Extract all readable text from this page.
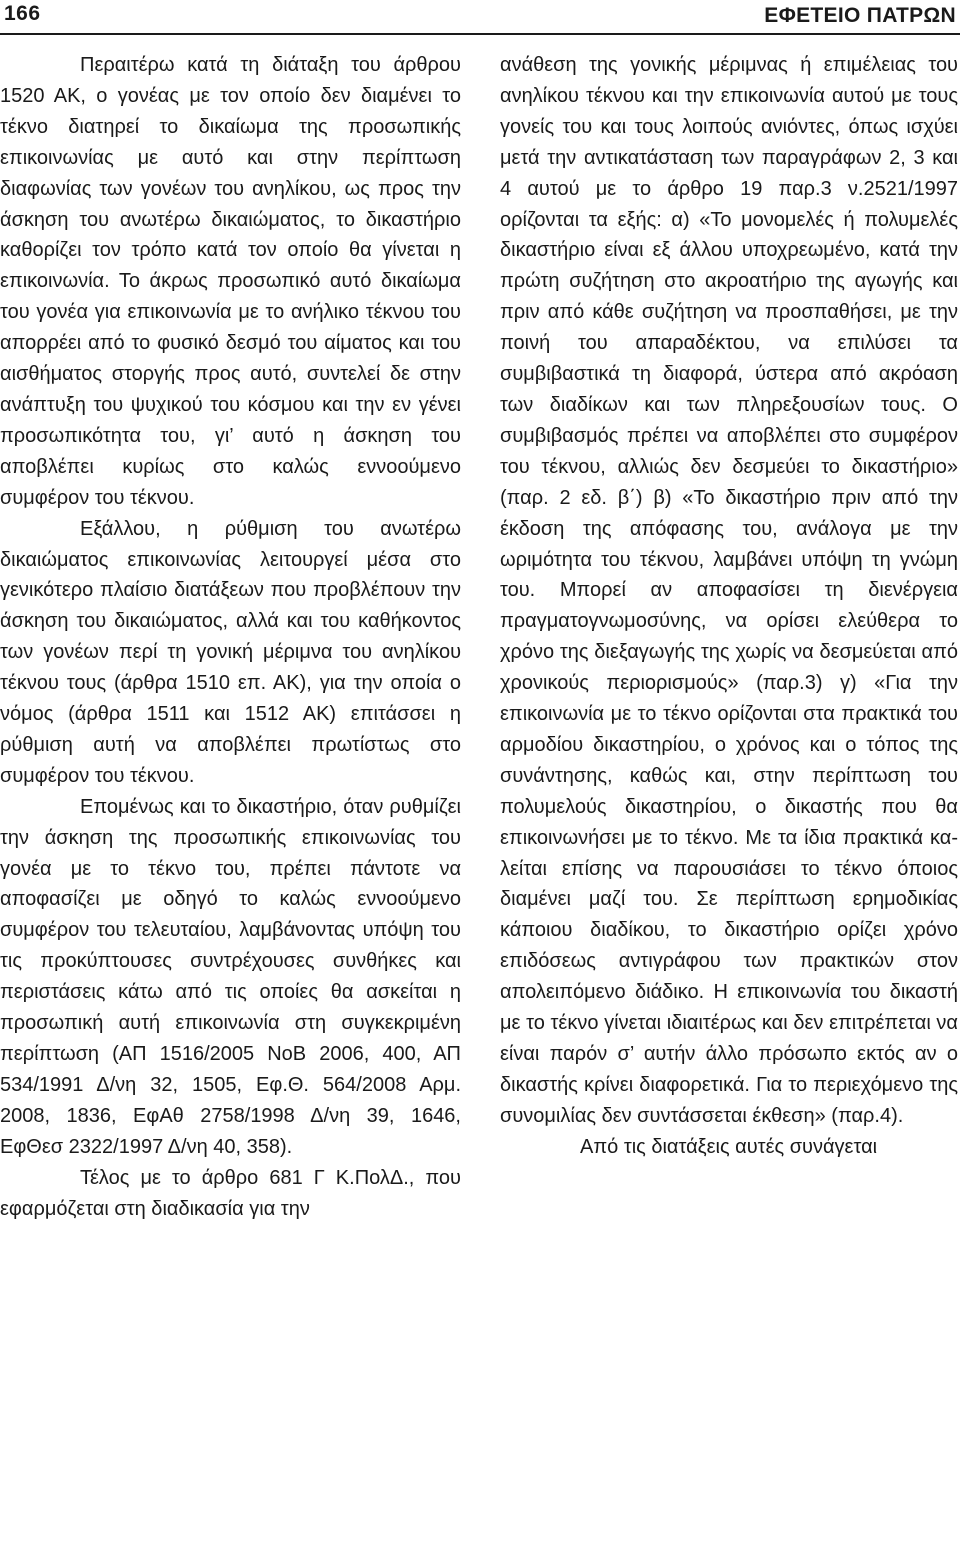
166	ΕΦΕΤΕΙΟ ΠΑΤΡΩΝ

Περαιτέρω κατά τη διάταξη του άρθρου 1520 ΑΚ, ο γονέας με τον οποίο δεν διαμένει το τέκνο διατηρεί το δικαίωμα της προσωπικής επικοινωνίας με αυτό και στην περίπτωση διαφωνίας των γονέων του ανηλίκου, ως προς την άσκηση του ανωτέρω δικαιώματος, το δικαστήριο καθορίζει τον τρόπο κατά τον οποίο θα γίνεται η επικοινωνία. Το άκρως προσωπικό αυτό δικαίωμα του γονέα για επικοινωνία με το ανήλικο τέκνου του απορρέει από το φυσικό δεσμό του αίματος και του αισθήματος στοργής προς αυτό, συντελεί δε στην ανάπτυξη του ψυχικού του κόσμου και την εν γένει προσωπικότητα του, γι’ αυτό η άσκηση του αποβλέπει κυρίως στο καλώς εννοούμενο συμφέρον του τέκνου.

Εξάλλου, η ρύθμιση του ανωτέρω δικαιώματος επικοινωνίας λειτουργεί μέσα στο γενικότερο πλαίσιο διατάξεων που προβλέπουν την άσκηση του δικαιώματος, αλλά και του καθήκοντος των γονέων περί τη γονική μέριμνα του ανηλίκου τέκνου τους (άρθρα 1510 επ. ΑΚ), για την οποία ο νόμος (άρθρα 1511 και 1512 ΑΚ) επιτάσσει η ρύθμιση αυτή να αποβλέπει πρωτίστως στο συμφέρον του τέκνου.

Επομένως και το δικαστήριο, όταν ρυθμίζει την άσκηση της προσωπικής επικοινωνίας του γονέα με το τέκνο του, πρέπει πάντοτε να αποφασίζει με οδηγό το καλώς εννοούμενο συμφέρον του τελευταίου, λαμβάνοντας υπόψη του τις προκύπτουσες συντρέχουσες συνθήκες και περιστάσεις κάτω από τις οποίες θα ασκείται η προσωπική αυτή επικοινωνία στη συγκεκριμένη περίπτωση (ΑΠ 1516/2005 ΝοΒ 2006, 400, ΑΠ 534/1991 Δ/νη 32, 1505, Εφ.Θ. 564/2008 Αρμ. 2008, 1836, ΕφΑθ 2758/1998 Δ/νη 39, 1646, ΕφΘεσ 2322/1997 Δ/νη 40, 358).

Τέλος με το άρθρο 681 Γ Κ.ΠολΔ., που εφαρμόζεται στη διαδικασία για την

ανάθεση της γονικής μέριμνας ή επιμέλειας του ανηλίκου τέκνου και την επικοινωνία αυτού με τους γονείς του και τους λοιπούς ανιόντες, όπως ισχύει μετά την αντικατάσταση των παραγράφων 2, 3 και 4 αυτού με το άρθρο 19 παρ.3 ν.2521/1997 ορίζονται τα εξής: α) «Το μονομελές ή πολυμελές δικαστήριο είναι εξ άλλου υποχρεωμένο, κατά την πρώτη συζήτηση στο ακροατήριο της αγωγής και πριν από κάθε συζήτηση να προσπαθήσει, με την ποινή του απαραδέκτου, να επιλύσει τα συμβιβαστικά τη διαφορά, ύστερα από ακρόαση των διαδίκων και των πληρεξουσίων τους. Ο συμβιβασμός πρέπει να αποβλέπει στο συμφέρον του τέκνου, αλλιώς δεν δεσμεύει το δικαστήριο» (παρ. 2 εδ. β΄) β) «Το δικαστήριο πριν από την έκδοση της απόφασης του, ανάλογα με την ωριμότητα του τέκνου, λαμβάνει υπόψη τη γνώμη του. Μπορεί αν αποφασίσει τη διενέργεια πραγματογνωμοσύνης, να ορίσει ελεύθερα το χρόνο της διεξαγωγής της χωρίς να δεσμεύεται από χρονικούς περιορισμούς» (παρ.3) γ) «Για την επικοινωνία με το τέκνο ορίζονται στα πρακτικά του αρμοδίου δικαστηρίου, ο χρόνος και ο τόπος της συνάντησης, καθώς και, στην περίπτωση του πολυμελούς δικαστηρίου, ο δικαστής που θα επικοινωνήσει με το τέκνο. Με τα ίδια πρακτικά καλείται επίσης να παρουσιάσει το τέκνο όποιος διαμένει μαζί του. Σε περίπτωση ερημοδικίας κάποιου διαδίκου, το δικαστήριο ορίζει χρόνο επιδόσεως αντιγράφου των πρακτικών στον απολειπόμενο διάδικο. Η επικοινωνία του δικαστή με το τέκνο γίνεται ιδιαιτέρως και δεν επιτρέπεται να είναι παρόν σ’ αυτήν άλλο πρόσωπο εκτός αν ο δικαστής κρίνει διαφορετικά. Για το περιεχόμενο της συνομιλίας δεν συντάσσεται έκθεση» (παρ.4).

Από τις διατάξεις αυτές συνάγεται
